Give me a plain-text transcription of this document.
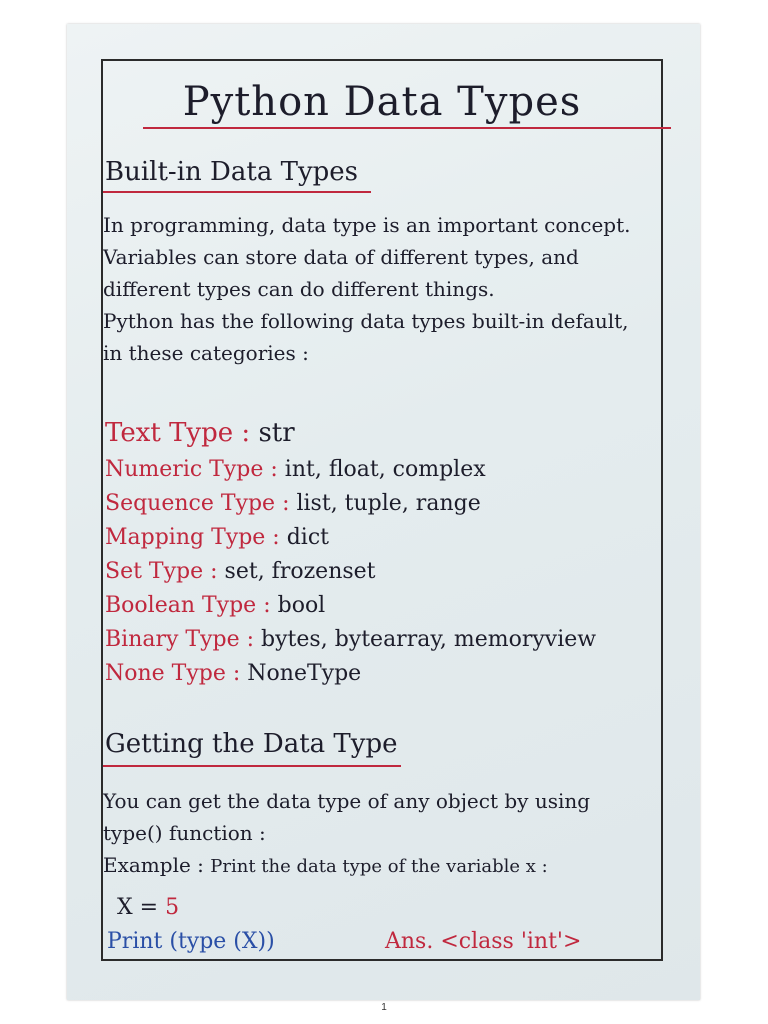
Python Data Types
Built-in Data Types
In programming, data type is an important concept.
Variables can store data of different types, and
different types can do different things.
Python has the following data types built-in default,
in these categories :
Text Type : str
Numeric Type : int, float, complex
Sequence Type : list, tuple, range
Mapping Type : dict
Set Type : set, frozenset
Boolean Type : bool
Binary Type : bytes, bytearray, memoryview
None Type : NoneType
Getting the Data Type
You can get the data type of any object by using
type() function :
Example : Print the data type of the variable x :
X = 5
Print (type (X))	Ans. <class 'int'>
1
